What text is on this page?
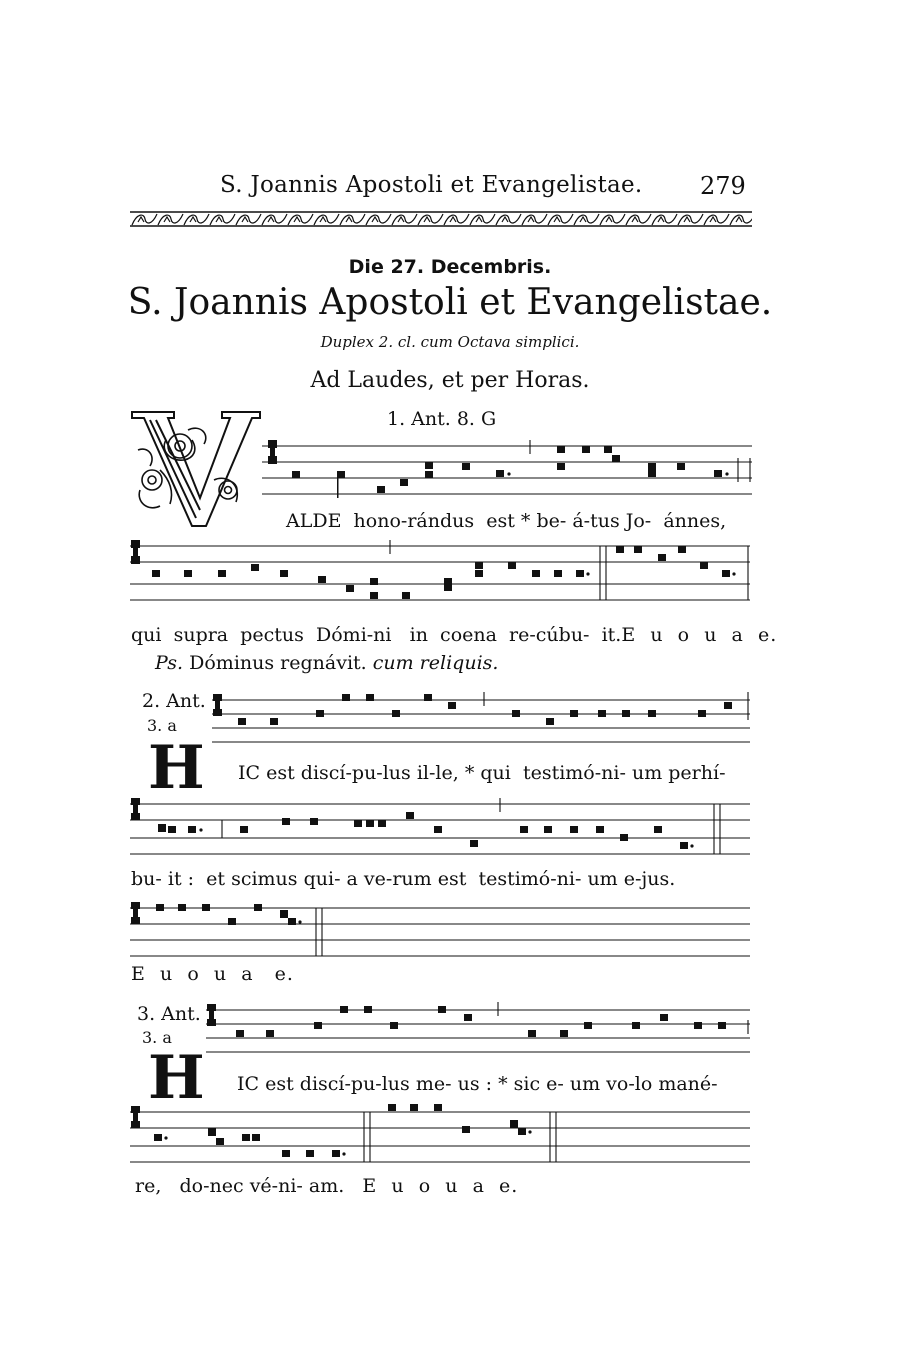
S. Joannis Apostoli et Evangelistae. 279
Die 27. Decembris.
S. Joannis Apostoli et Evangelistae.
Duplex 2. cl. cum Octava simplici.
Ad Laudes, et per Horas.
1. Ant. 8. G
ALDE hono-rándus est * be- á-tus Jo- ánnes,
qui supra pectus Dómi-ni in coena re-cúbu- it. E u o u a e.
Ps. Dóminus regnávit. cum reliquis.
2. Ant.
3. a
H IC est discí-pu-lus il-le, * qui testimó-ni- um perhí-
bu- it : et scimus qui- a ve-rum est testimó-ni- um e-jus.
E u o u a e.
3. Ant.
3. a
H IC est discí-pu-lus me- us : * sic e- um vo-lo mané-
re, do-nec vé-ni- am. E u o u a e.
